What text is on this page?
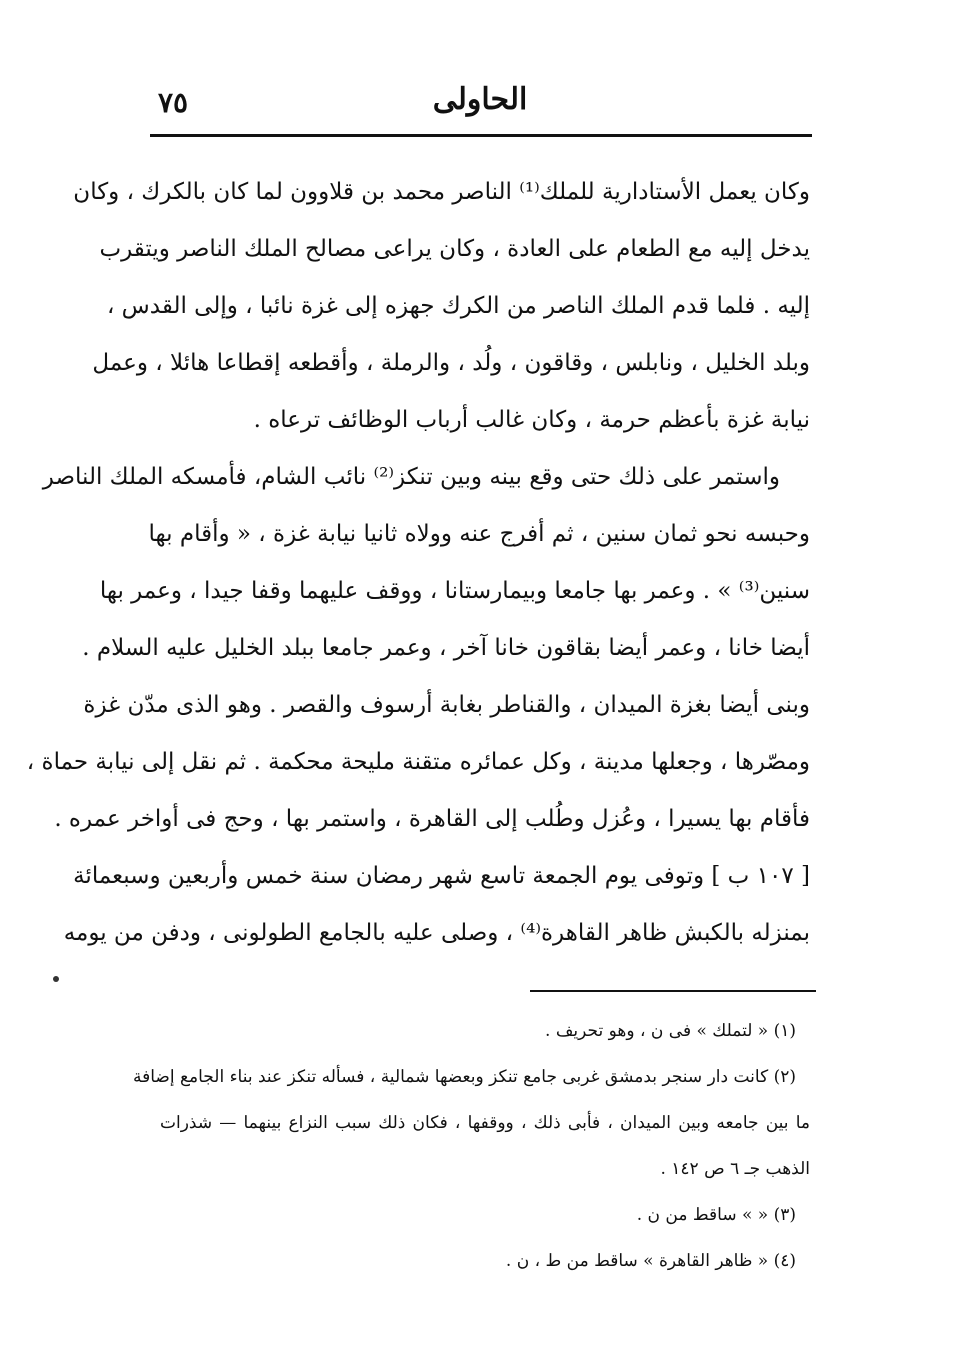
٧٥	الحاولى
وكان يعمل الأستادارية للملك⁽¹⁾ الناصر محمد بن قلاوون لما كان بالكرك ، وكان
يدخل إليه مع الطعام على العادة ، وكان يراعى مصالح الملك الناصر ويتقرب
إليه . فلما قدم الملك الناصر من الكرك جهزه إلى غزة نائبا ، وإلى القدس ،
وبلد الخليل ، ونابلس ، وقاقون ، ولُد ، والرملة ، وأقطعه إقطاعا هائلا ، وعمل
نيابة غزة بأعظم حرمة ، وكان غالب أرباب الوظائف ترعاه .
واستمر على ذلك حتى وقع بينه وبين تنكز⁽²⁾ نائب الشام، فأمسكه الملك الناصر
وحبسه نحو ثمان سنين ، ثم أفرج عنه وولاه ثانيا نيابة غزة ، « وأقام بها
سنين⁽³⁾ » . وعمر بها جامعا وبيمارستانا ، ووقف عليهما وقفا جيدا ، وعمر بها
أيضا خانا ، وعمر أيضا بقاقون خانا آخر ، وعمر جامعا ببلد الخليل عليه السلام .
وبنى أيضا بغزة الميدان ، والقناطر بغابة أرسوف والقصر . وهو الذى مدّن غزة
ومصّرها ، وجعلها مدينة ، وكل عمائره متقنة مليحة محكمة . ثم نقل إلى نيابة حماة ،
فأقام بها يسيرا ، وعُزل وطُلب إلى القاهرة ، واستمر بها ، وحج فى أواخر عمره .
[ ١٠٧ ب ] وتوفى يوم الجمعة تاسع شهر رمضان سنة خمس وأربعين وسبعمائة
بمنزله بالكبش ظاهر القاهرة⁽⁴⁾ ، وصلى عليه بالجامع الطولونى ، ودفن من يومه
(١) « لتملك » فى ن ، وهو تحريف .
(٢) كانت دار سنجر بدمشق غربى جامع تنكز وبعضها شمالية ، فسأله تنكز عند بناء الجامع إضافة
ما بين جامعه وبين الميدان ، فأبى ذلك ، ووقفها ، فكان ذلك سبب النزاع بينهما — شذرات
الذهب جـ ٦ ص ١٤٢ .
(٣) « » ساقط من ن .
(٤) « ظاهر القاهرة » ساقط من ط ، ن .
